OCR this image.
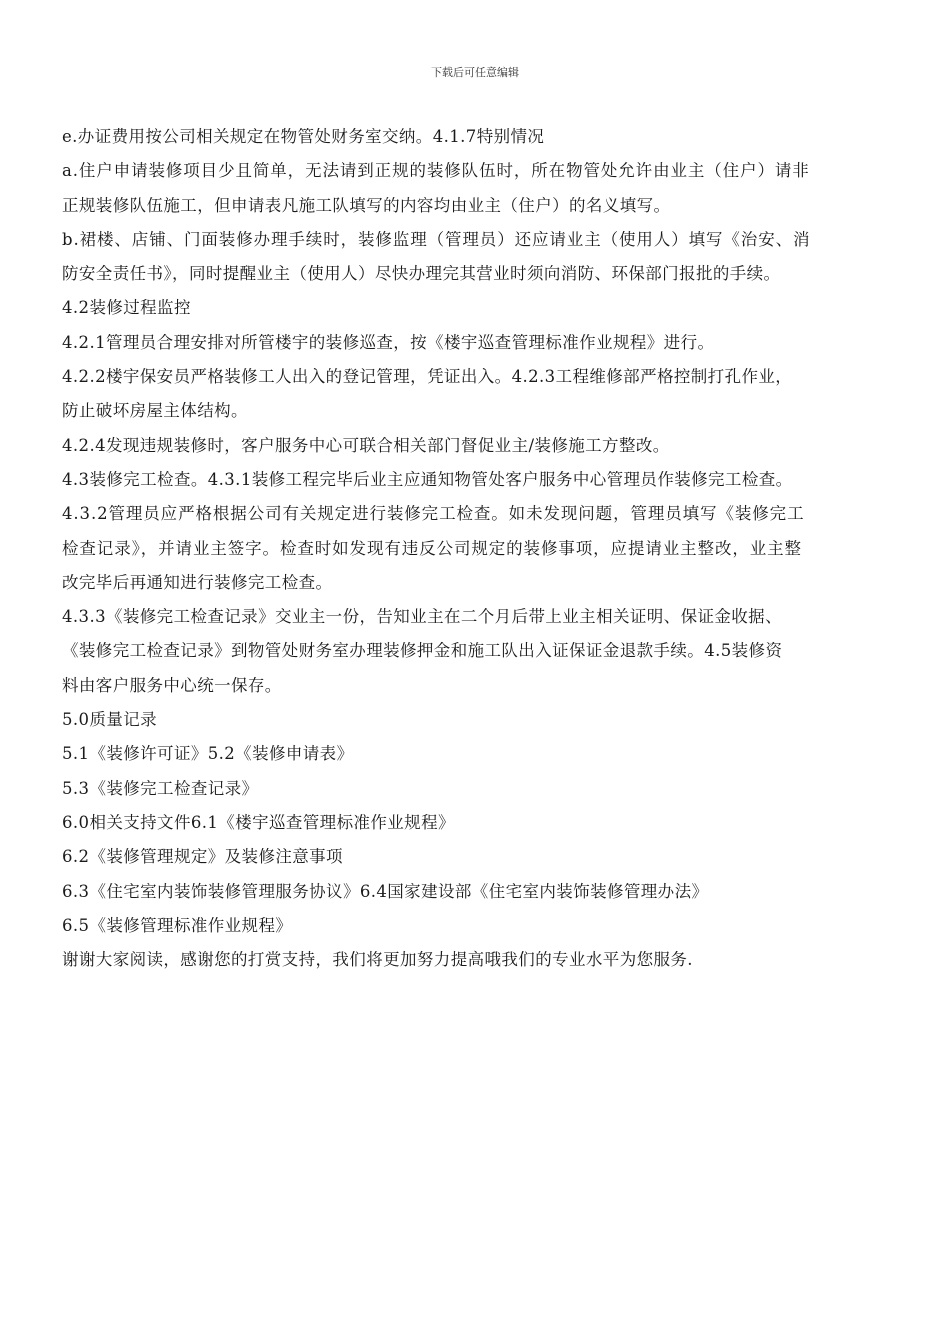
下载后可任意编辑
e.办证费用按公司相关规定在物管处财务室交纳。4.1.7特别情况
a.住户申请装修项目少且简单，无法请到正规的装修队伍时，所在物管处允许由业主（住户）请非
正规装修队伍施工，但申请表凡施工队填写的内容均由业主（住户）的名义填写。
b.裙楼、店铺、门面装修办理手续时，装修监理（管理员）还应请业主（使用人）填写《治安、消
防安全责任书》，同时提醒业主（使用人）尽快办理完其营业时须向消防、环保部门报批的手续。
4.2装修过程监控
4.2.1管理员合理安排对所管楼宇的装修巡查，按《楼宇巡查管理标准作业规程》进行。
4.2.2楼宇保安员严格装修工人出入的登记管理，凭证出入。4.2.3工程维修部严格控制打孔作业，
防止破坏房屋主体结构。
4.2.4发现违规装修时，客户服务中心可联合相关部门督促业主/装修施工方整改。
4.3装修完工检查。4.3.1装修工程完毕后业主应通知物管处客户服务中心管理员作装修完工检查。
4.3.2管理员应严格根据公司有关规定进行装修完工检查。如未发现问题，管理员填写《装修完工
检查记录》，并请业主签字。检查时如发现有违反公司规定的装修事项，应提请业主整改，业主整
改完毕后再通知进行装修完工检查。
4.3.3《装修完工检查记录》交业主一份，告知业主在二个月后带上业主相关证明、保证金收据、
《装修完工检查记录》到物管处财务室办理装修押金和施工队出入证保证金退款手续。4.5装修资
料由客户服务中心统一保存。
5.0质量记录
5.1《装修许可证》5.2《装修申请表》
5.3《装修完工检查记录》
6.0相关支持文件6.1《楼宇巡查管理标准作业规程》
6.2《装修管理规定》及装修注意事项
6.3《住宅室内装饰装修管理服务协议》6.4国家建设部《住宅室内装饰装修管理办法》
6.5《装修管理标准作业规程》
谢谢大家阅读，感谢您的打赏支持，我们将更加努力提高哦我们的专业水平为您服务.
